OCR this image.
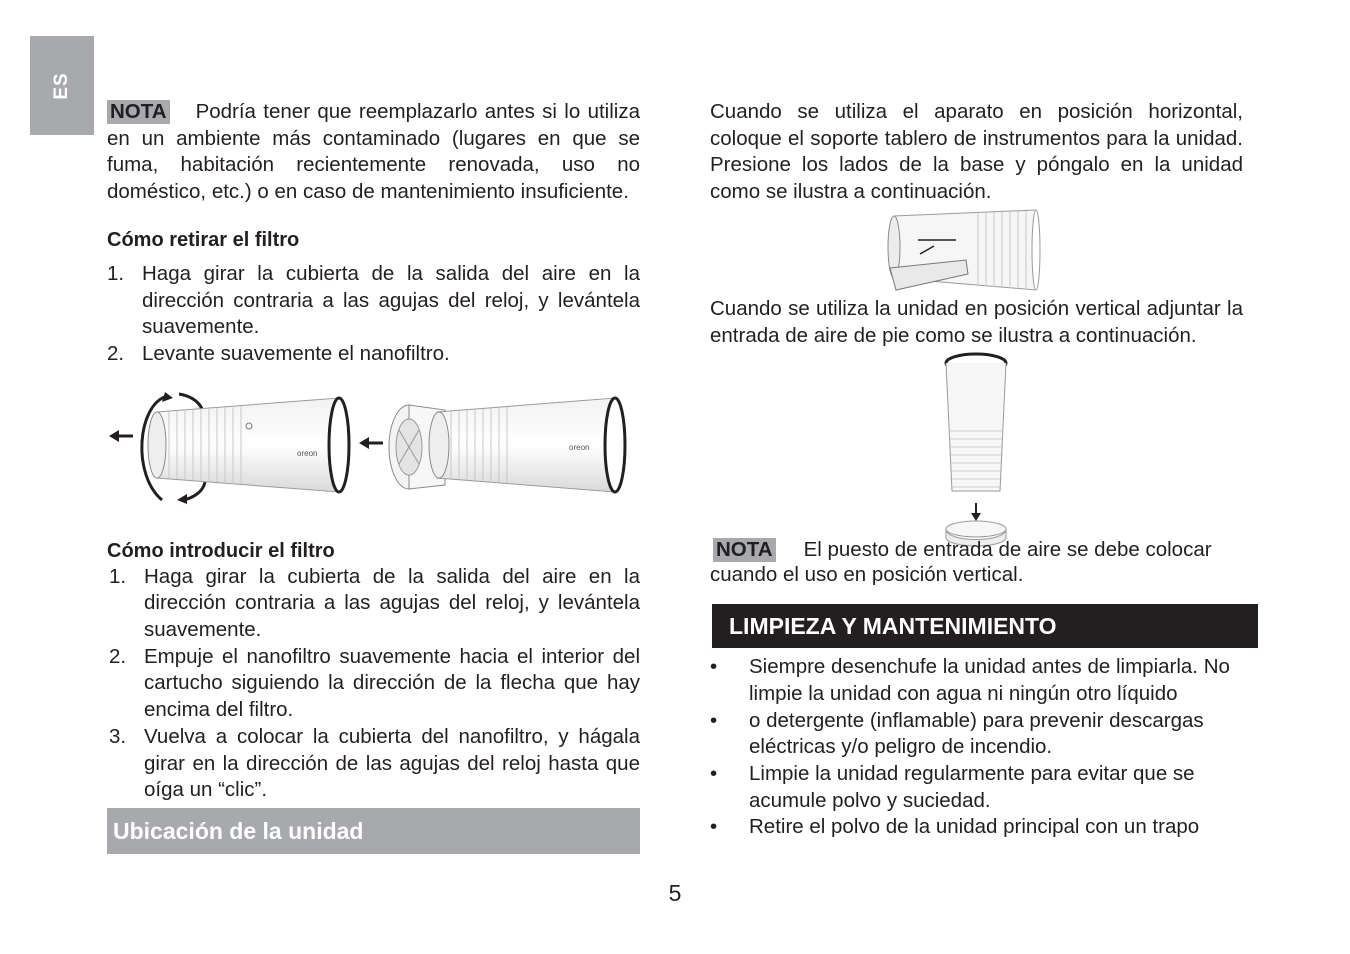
ES

NOTA Podría tener que reemplazarlo antes si lo utiliza en un ambiente más contaminado (lugares en que se fuma, habitación recientemente renovada, uso no doméstico, etc.) o en caso de mantenimiento insuficiente.

Cómo retirar el filtro
1. Haga girar la cubierta de la salida del aire en la dirección contraria a las agujas del reloj, y levántela suavemente.
2. Levante suavemente el nanofiltro.
oreon
oreon
Cómo introducir el filtro
1. Haga girar la cubierta de la salida del aire en la dirección contraria a las agujas del reloj, y levántela suavemente.
2. Empuje el nanofiltro suavemente hacia el interior del cartucho siguiendo la dirección de la flecha que hay encima del filtro.
3. Vuelva a colocar la cubierta del nanofiltro, y hágala girar en la dirección de las agujas del reloj hasta que oíga un “clic”.
Ubicación de la unidad

Cuando se utiliza el aparato en posición horizontal, coloque el soporte tablero de instrumentos para la unidad. Presione los lados de la base y póngalo en la unidad como se ilustra a continuación.

Cuando se utiliza la unidad en posición vertical adjuntar la entrada de aire de pie como se ilustra a continuación.

NOTA El puesto de entrada de aire se debe colocar cuando el uso en posición vertical.

LIMPIEZA Y MANTENIMIENTO
• Siempre desenchufe la unidad antes de limpiarla. No limpie la unidad con agua ni ningún otro líquido
• o detergente (inflamable) para prevenir descargas eléctricas y/o peligro de incendio.
• Limpie la unidad regularmente para evitar que se acumule polvo y suciedad.
• Retire el polvo de la unidad principal con un trapo
5
